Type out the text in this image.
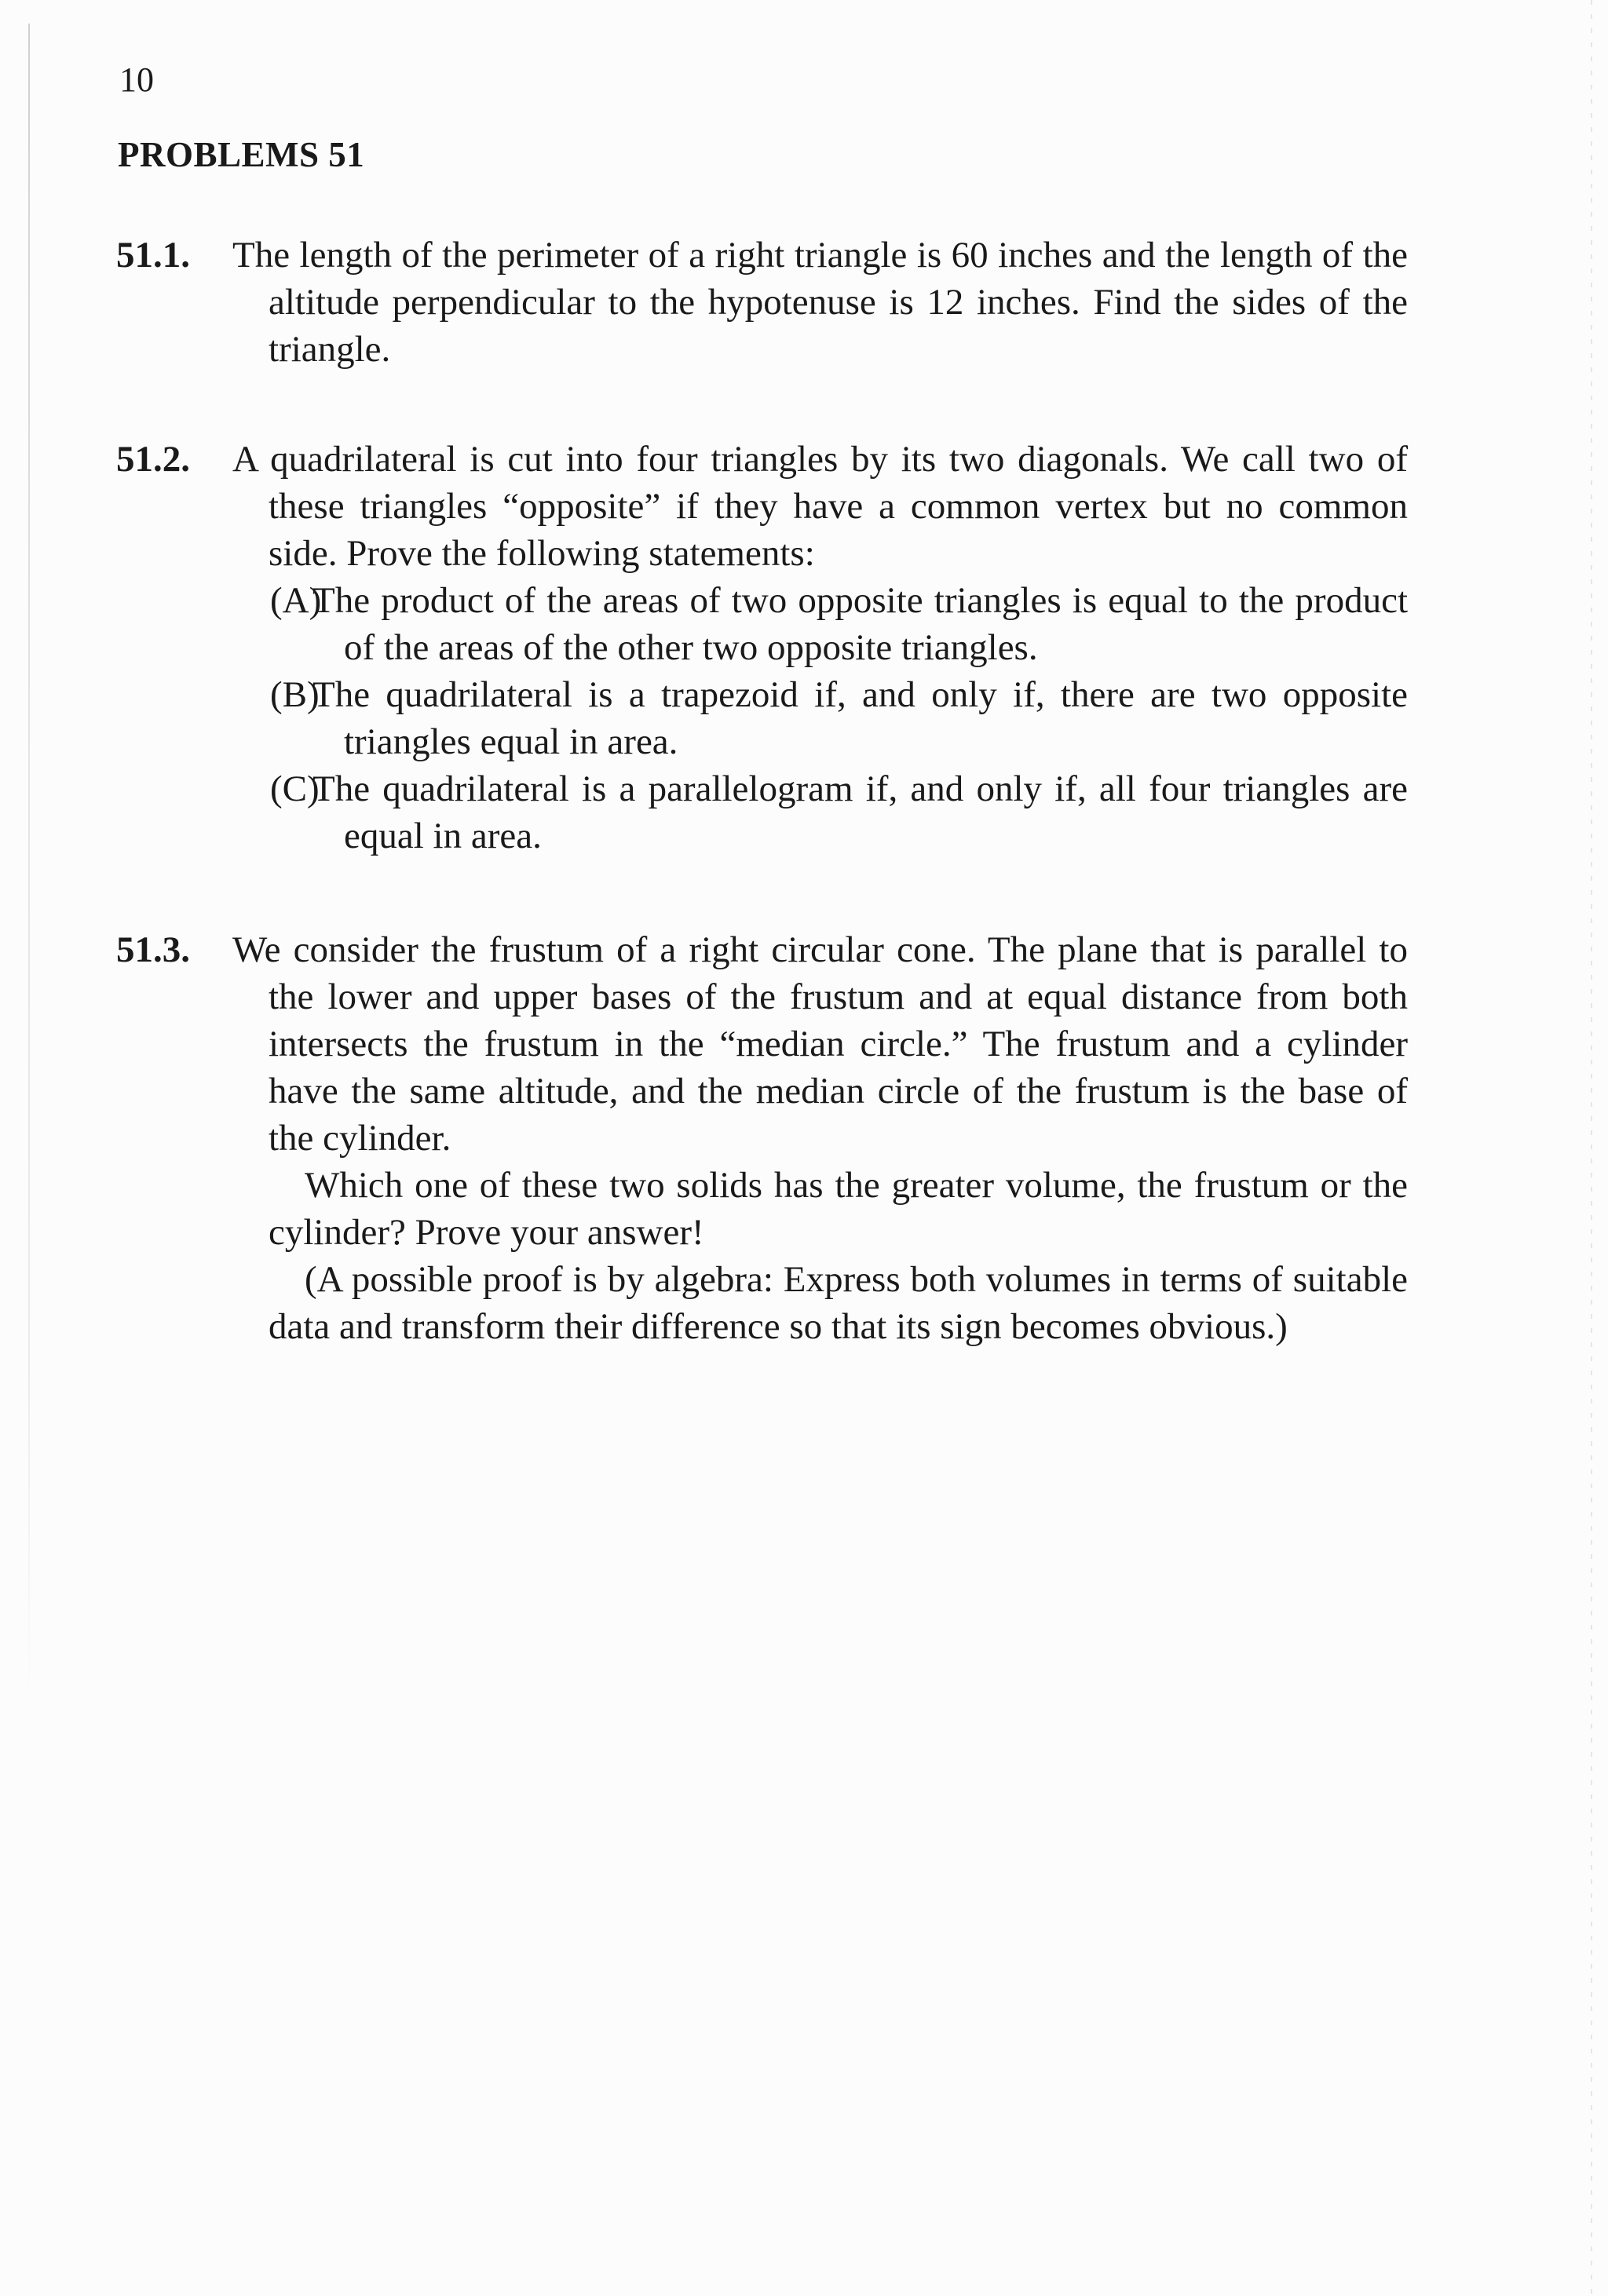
10
PROBLEMS 51
51.1. The length of the perimeter of a right triangle is 60 inches and the length of the altitude perpendicular to the hypotenuse is 12 inches. Find the sides of the triangle.

51.2. A quadrilateral is cut into four triangles by its two diagonals. We call two of these triangles “opposite” if they have a common vertex but no common side. Prove the following statements:

(A)The product of the areas of two opposite triangles is equal to the product of the areas of the other two opposite triangles.
(B)The quadrilateral is a trapezoid if, and only if, there are two opposite triangles equal in area.
(C)The quadrilateral is a parallelogram if, and only if, all four triangles are equal in area.
51.3. We consider the frustum of a right circular cone. The plane that is parallel to the lower and upper bases of the frustum and at equal distance from both intersects the frustum in the “median circle.” The frustum and a cylinder have the same altitude, and the median circle of the frustum is the base of the cylinder.

Which one of these two solids has the greater volume, the frustum or the cylinder? Prove your answer!

(A possible proof is by algebra: Express both volumes in terms of suitable data and transform their difference so that its sign becomes obvious.)
